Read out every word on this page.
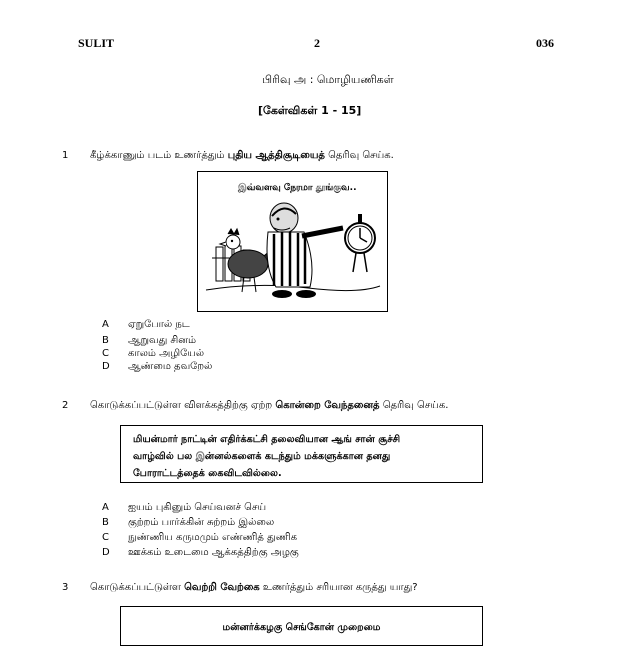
SULIT	2	036
பிரிவு அ : மொழியணிகள்
[கேள்விகள் 1 - 15]
1 கீழ்க்காணும் படம் உணர்த்தும் புதிய ஆத்திசூடியைத் தெரிவு செய்க.
இவ்வளவு நேரமா தூங்குவ..
A ஏறுபோல் நட
B ஆறுவது சினம்
C காலம் அழியேல்
D ஆண்மை தவறேல்
2 கொடுக்கப்பட்டுள்ள விளக்கத்திற்கு ஏற்ற கொன்றை வேந்தனைத் தெரிவு செய்க.
மியன்மார் நாட்டின் எதிர்க்கட்சி தலைவியான ஆங் சான் சூச்சி
வாழ்வில் பல இன்னல்களைக் கடந்தும் மக்களுக்கான தனது
போராட்டத்தைக் கைவிடவில்லை.
A ஐயம் புகினும் செய்வனச் செய்
B குற்றம் பார்க்கின் சுற்றம் இல்லை
C நுண்ணிய கருமமும் எண்ணித் துணிக
D ஊக்கம் உடைமை ஆக்கத்திற்கு அழகு
3 கொடுக்கப்பட்டுள்ள வெற்றி வேற்கை உணர்த்தும் சரியான கருத்து யாது?
மன்னர்க்கழகு செங்கோன் முறைமை
